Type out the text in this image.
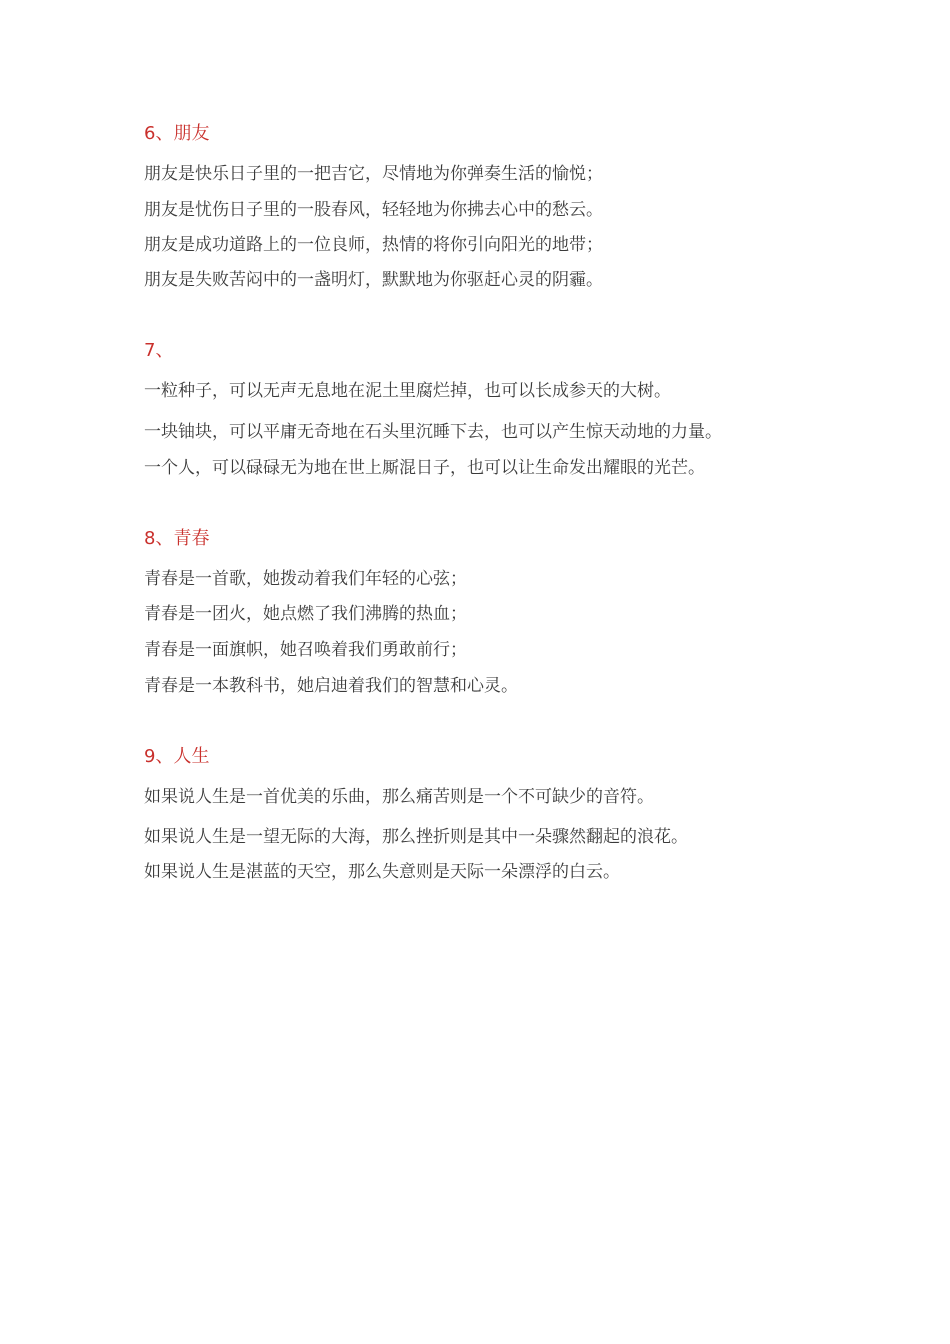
6、朋友

朋友是快乐日子里的一把吉它，尽情地为你弹奏生活的愉悦；

朋友是忧伤日子里的一股春风，轻轻地为你拂去心中的愁云。

朋友是成功道路上的一位良师，热情的将你引向阳光的地带；

朋友是失败苦闷中的一盏明灯，默默地为你驱赶心灵的阴霾。

7、

一粒种子，可以无声无息地在泥土里腐烂掉，也可以长成参天的大树。

一块铀块，可以平庸无奇地在石头里沉睡下去，也可以产生惊天动地的力量。

一个人，可以碌碌无为地在世上厮混日子，也可以让生命发出耀眼的光芒。

8、青春

青春是一首歌，她拨动着我们年轻的心弦；

青春是一团火，她点燃了我们沸腾的热血；

青春是一面旗帜，她召唤着我们勇敢前行；

青春是一本教科书，她启迪着我们的智慧和心灵。

9、人生

如果说人生是一首优美的乐曲，那么痛苦则是一个不可缺少的音符。

如果说人生是一望无际的大海，那么挫折则是其中一朵骤然翻起的浪花。

如果说人生是湛蓝的天空，那么失意则是天际一朵漂浮的白云。
